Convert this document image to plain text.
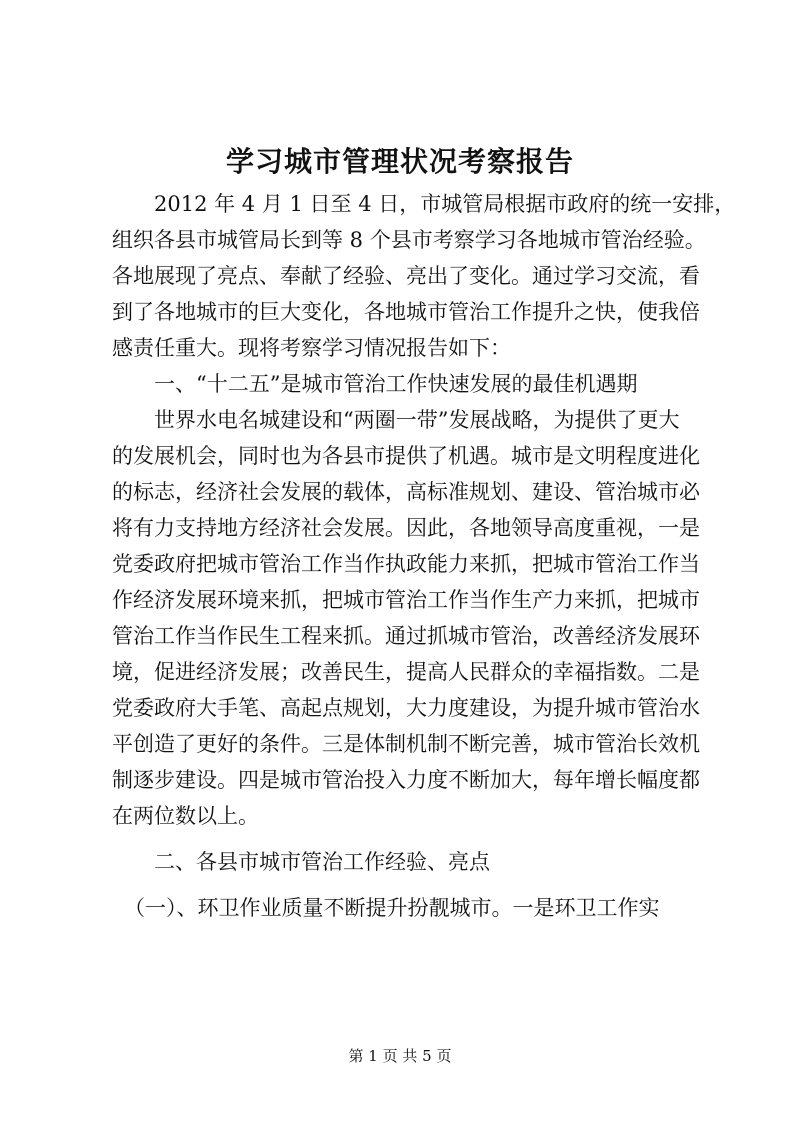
学习城市管理状况考察报告
2012 年 4 月 1 日至 4 日，市城管局根据市政府的统一安排，
组织各县市城管局长到等 8 个县市考察学习各地城市管治经验。
各地展现了亮点、奉献了经验、亮出了变化。通过学习交流，看
到了各地城市的巨大变化，各地城市管治工作提升之快，使我倍
感责任重大。现将考察学习情况报告如下：
一、“十二五”是城市管治工作快速发展的最佳机遇期
世界水电名城建设和“两圈一带”发展战略，为提供了更大
的发展机会，同时也为各县市提供了机遇。城市是文明程度进化
的标志，经济社会发展的载体，高标准规划、建设、管治城市必
将有力支持地方经济社会发展。因此，各地领导高度重视，一是
党委政府把城市管治工作当作执政能力来抓，把城市管治工作当
作经济发展环境来抓，把城市管治工作当作生产力来抓，把城市
管治工作当作民生工程来抓。通过抓城市管治，改善经济发展环
境，促进经济发展；改善民生，提高人民群众的幸福指数。二是
党委政府大手笔、高起点规划，大力度建设，为提升城市管治水
平创造了更好的条件。三是体制机制不断完善，城市管治长效机
制逐步建设。四是城市管治投入力度不断加大，每年增长幅度都
在两位数以上。
二、各县市城市管治工作经验、亮点
（一）、环卫作业质量不断提升扮靓城市。一是环卫工作实
第 1 页 共 5 页
